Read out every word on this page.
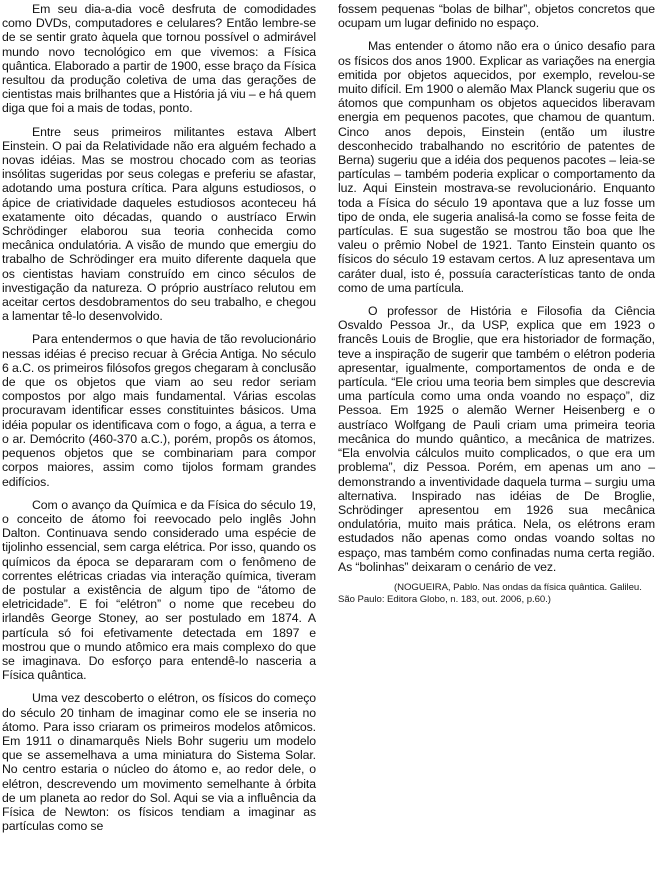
Em seu dia-a-dia você desfruta de comodidades como DVDs, computadores e celulares? Então lembre-se de se sentir grato àquela que tornou possível o admirável mundo novo tecnológico em que vivemos: a Física quântica. Elaborado a partir de 1900, esse braço da Física resultou da produção coletiva de uma das gerações de cientistas mais brilhantes que a História já viu – e há quem diga que foi a mais de todas, ponto.

Entre seus primeiros militantes estava Albert Einstein. O pai da Relatividade não era alguém fechado a novas idéias. Mas se mostrou chocado com as teorias insólitas sugeridas por seus colegas e preferiu se afastar, adotando uma postura crítica. Para alguns estudiosos, o ápice de criatividade daqueles estudiosos aconteceu há exatamente oito décadas, quando o austríaco Erwin Schrödinger elaborou sua teoria conhecida como mecânica ondulatória. A visão de mundo que emergiu do trabalho de Schrödinger era muito diferente daquela que os cientistas haviam construído em cinco séculos de investigação da natureza. O próprio austríaco relutou em aceitar certos desdobramentos do seu trabalho, e chegou a lamentar tê-lo desenvolvido.

Para entendermos o que havia de tão revolucionário nessas idéias é preciso recuar à Grécia Antiga. No século 6 a.C. os primeiros filósofos gregos chegaram à conclusão de que os objetos que viam ao seu redor seriam compostos por algo mais fundamental. Várias escolas procuravam identificar esses constituintes básicos. Uma idéia popular os identificava com o fogo, a água, a terra e o ar. Demócrito (460-370 a.C.), porém, propôs os átomos, pequenos objetos que se combinariam para compor corpos maiores, assim como tijolos formam grandes edifícios.

Com o avanço da Química e da Física do século 19, o conceito de átomo foi reevocado pelo inglês John Dalton. Continuava sendo considerado uma espécie de tijolinho essencial, sem carga elétrica. Por isso, quando os químicos da época se depararam com o fenômeno de correntes elétricas criadas via interação química, tiveram de postular a existência de algum tipo de “átomo de eletricidade”. E foi “elétron” o nome que recebeu do irlandês George Stoney, ao ser postulado em 1874. A partícula só foi efetivamente detectada em 1897 e mostrou que o mundo atômico era mais complexo do que se imaginava. Do esforço para entendê-lo nasceria a Física quântica.

Uma vez descoberto o elétron, os físicos do começo do século 20 tinham de imaginar como ele se inseria no átomo. Para isso criaram os primeiros modelos atômicos. Em 1911 o dinamarquês Niels Bohr sugeriu um modelo que se assemelhava a uma miniatura do Sistema Solar. No centro estaria o núcleo do átomo e, ao redor dele, o elétron, descrevendo um movimento semelhante à órbita de um planeta ao redor do Sol. Aqui se via a influência da Física de Newton: os físicos tendiam a imaginar as partículas como se

fossem pequenas “bolas de bilhar”, objetos concretos que ocupam um lugar definido no espaço.

Mas entender o átomo não era o único desafio para os físicos dos anos 1900. Explicar as variações na energia emitida por objetos aquecidos, por exemplo, revelou-se muito difícil. Em 1900 o alemão Max Planck sugeriu que os átomos que compunham os objetos aquecidos liberavam energia em pequenos pacotes, que chamou de quantum. Cinco anos depois, Einstein (então um ilustre desconhecido trabalhando no escritório de patentes de Berna) sugeriu que a idéia dos pequenos pacotes – leia-se partículas – também poderia explicar o comportamento da luz. Aqui Einstein mostrava-se revolucionário. Enquanto toda a Física do século 19 apontava que a luz fosse um tipo de onda, ele sugeria analisá-la como se fosse feita de partículas. E sua sugestão se mostrou tão boa que lhe valeu o prêmio Nobel de 1921. Tanto Einstein quanto os físicos do século 19 estavam certos. A luz apresentava um caráter dual, isto é, possuía características tanto de onda como de uma partícula.

O professor de História e Filosofia da Ciência Osvaldo Pessoa Jr., da USP, explica que em 1923 o francês Louis de Broglie, que era historiador de formação, teve a inspiração de sugerir que também o elétron poderia apresentar, igualmente, comportamentos de onda e de partícula. “Ele criou uma teoria bem simples que descrevia uma partícula como uma onda voando no espaço”, diz Pessoa. Em 1925 o alemão Werner Heisenberg e o austríaco Wolfgang de Pauli criam uma primeira teoria mecânica do mundo quântico, a mecânica de matrizes. “Ela envolvia cálculos muito complicados, o que era um problema”, diz Pessoa. Porém, em apenas um ano – demonstrando a inventividade daquela turma – surgiu uma alternativa. Inspirado nas idéias de De Broglie, Schrödinger apresentou em 1926 sua mecânica ondulatória, muito mais prática. Nela, os elétrons eram estudados não apenas como ondas voando soltas no espaço, mas também como confinadas numa certa região. As “bolinhas” deixaram o cenário de vez.

(NOGUEIRA, Pablo. Nas ondas da física quântica. Galileu. São Paulo: Editora Globo, n. 183, out. 2006, p.60.)
